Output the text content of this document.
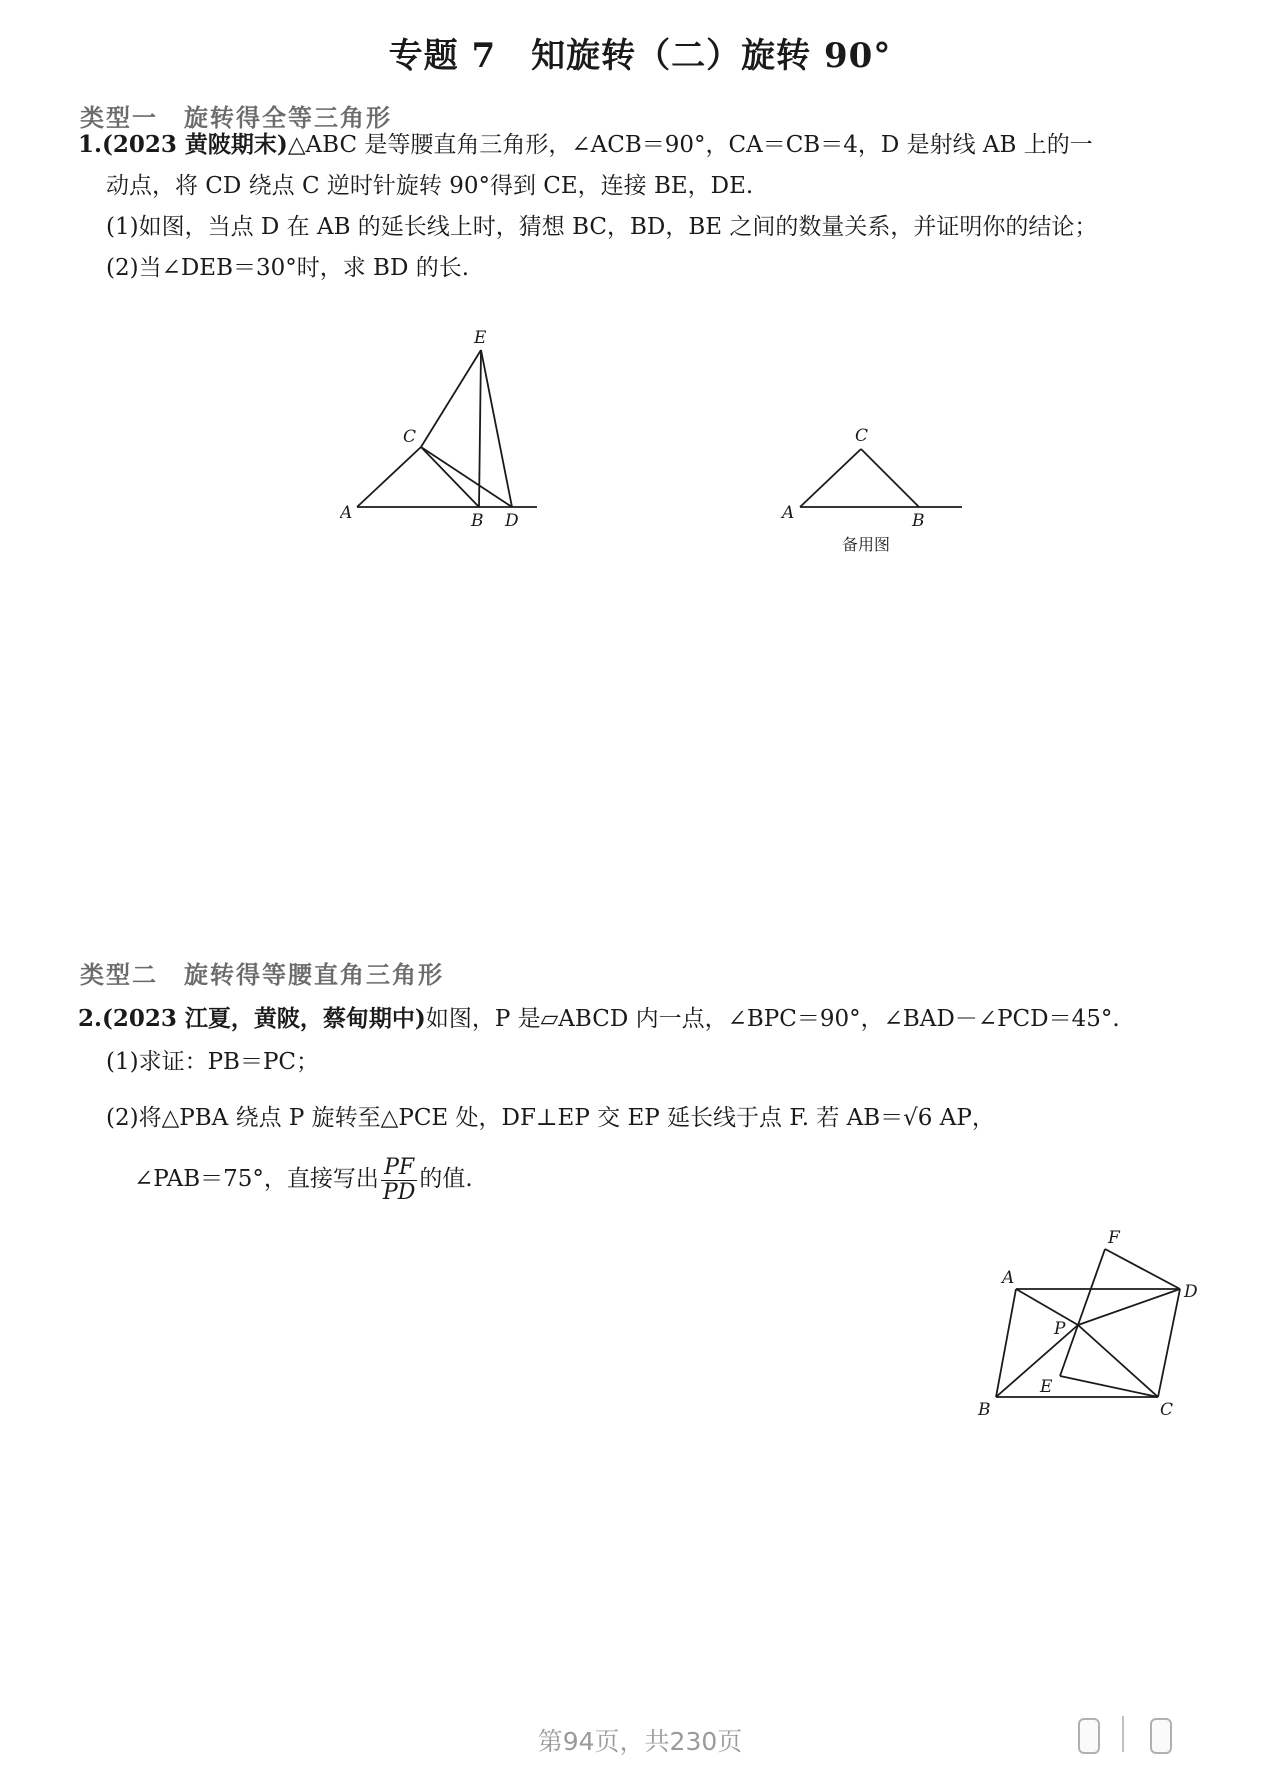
专题 7　知旋转（二）旋转 90°
类型一　旋转得全等三角形
1.(2023 黄陂期末)△ABC 是等腰直角三角形，∠ACB＝90°，CA＝CB＝4，D 是射线 AB 上的一
动点，将 CD 绕点 C 逆时针旋转 90°得到 CE，连接 BE，DE.
(1)如图，当点 D 在 AB 的延长线上时，猜想 BC，BD，BE 之间的数量关系，并证明你的结论；
(2)当∠DEB＝30°时，求 BD 的长.
E
C
A	B D
C
A	B
备用图
类型二　旋转得等腰直角三角形
2.(2023 江夏，黄陂，蔡甸期中)如图，P 是▱ABCD 内一点，∠BPC＝90°，∠BAD－∠PCD＝45°.
(1)求证：PB＝PC；
(2)将△PBA 绕点 P 旋转至△PCE 处，DF⊥EP 交 EP 延长线于点 F. 若 AB＝√6 AP，
∠PAB＝75°，直接写出 $\frac{PF}{PD}$ 的值.
F
A
D
P
E
B	C
第94页，共230页
